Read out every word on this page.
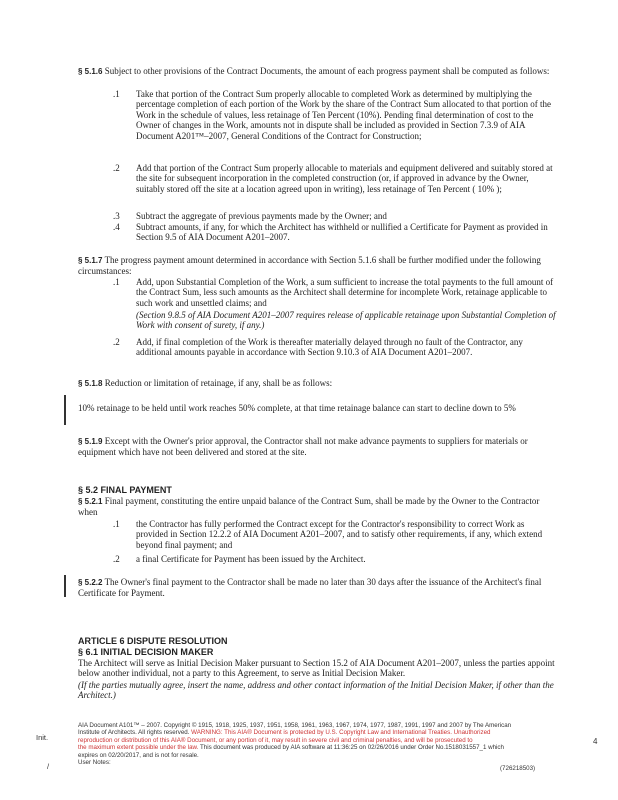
§ 5.1.6 Subject to other provisions of the Contract Documents, the amount of each progress payment shall be computed as follows:
.1 Take that portion of the Contract Sum properly allocable to completed Work as determined by multiplying the percentage completion of each portion of the Work by the share of the Contract Sum allocated to that portion of the Work in the schedule of values, less retainage of Ten Percent (10%). Pending final determination of cost to the Owner of changes in the Work, amounts not in dispute shall be included as provided in Section 7.3.9 of AIA Document A201™–2007, General Conditions of the Contract for Construction;
.2 Add that portion of the Contract Sum properly allocable to materials and equipment delivered and suitably stored at the site for subsequent incorporation in the completed construction (or, if approved in advance by the Owner, suitably stored off the site at a location agreed upon in writing), less retainage of Ten Percent ( 10% );
.3 Subtract the aggregate of previous payments made by the Owner; and
.4 Subtract amounts, if any, for which the Architect has withheld or nullified a Certificate for Payment as provided in Section 9.5 of AIA Document A201–2007.
§ 5.1.7 The progress payment amount determined in accordance with Section 5.1.6 shall be further modified under the following circumstances:
.1 Add, upon Substantial Completion of the Work, a sum sufficient to increase the total payments to the full amount of the Contract Sum, less such amounts as the Architect shall determine for incomplete Work, retainage applicable to such work and unsettled claims; and
(Section 9.8.5 of AIA Document A201–2007 requires release of applicable retainage upon Substantial Completion of Work with consent of surety, if any.)
.2 Add, if final completion of the Work is thereafter materially delayed through no fault of the Contractor, any additional amounts payable in accordance with Section 9.10.3 of AIA Document A201–2007.
§ 5.1.8 Reduction or limitation of retainage, if any, shall be as follows:
10% retainage to be held until work reaches 50% complete, at that time retainage balance can start to decline down to 5%
§ 5.1.9 Except with the Owner's prior approval, the Contractor shall not make advance payments to suppliers for materials or equipment which have not been delivered and stored at the site.
§ 5.2 FINAL PAYMENT
§ 5.2.1 Final payment, constituting the entire unpaid balance of the Contract Sum, shall be made by the Owner to the Contractor when
.1 the Contractor has fully performed the Contract except for the Contractor's responsibility to correct Work as provided in Section 12.2.2 of AIA Document A201–2007, and to satisfy other requirements, if any, which extend beyond final payment; and
.2 a final Certificate for Payment has been issued by the Architect.
§ 5.2.2 The Owner's final payment to the Contractor shall be made no later than 30 days after the issuance of the Architect's final Certificate for Payment.
ARTICLE 6 DISPUTE RESOLUTION
§ 6.1 INITIAL DECISION MAKER
The Architect will serve as Initial Decision Maker pursuant to Section 15.2 of AIA Document A201–2007, unless the parties appoint below another individual, not a party to this Agreement, to serve as Initial Decision Maker.
(If the parties mutually agree, insert the name, address and other contact information of the Initial Decision Maker, if other than the Architect.)
Init.
/
AIA Document A101™ – 2007. Copyright © 1915, 1918, 1925, 1937, 1951, 1958, 1961, 1963, 1967, 1974, 1977, 1987, 1991, 1997 and 2007 by The American
Institute of Architects. All rights reserved. WARNING: This AIA® Document is protected by U.S. Copyright Law and International Treaties. Unauthorized
reproduction or distribution of this AIA® Document, or any portion of it, may result in severe civil and criminal penalties, and will be prosecuted to
the maximum extent possible under the law. This document was produced by AIA software at 11:36:25 on 02/26/2016 under Order No.1518031557_1 which
expires on 02/20/2017, and is not for resale.
User Notes:
4
(726218503)
